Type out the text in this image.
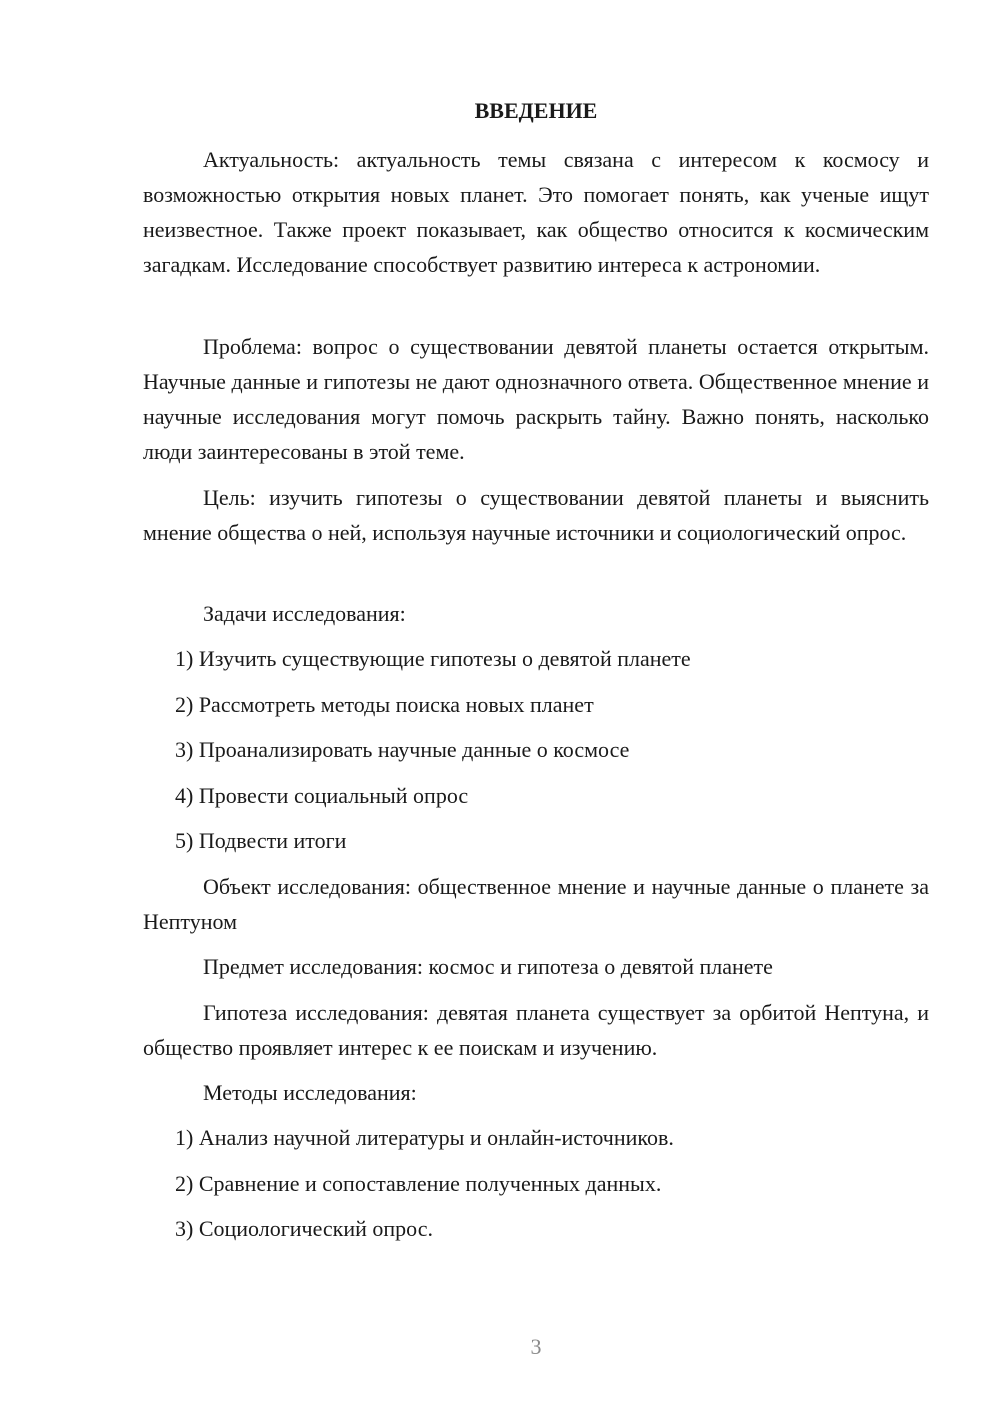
ВВЕДЕНИЕ

Актуальность: актуальность темы связана с интересом к космосу и возможностью открытия новых планет. Это помогает понять, как ученые ищут неизвестное. Также проект показывает, как общество относится к космическим загадкам. Исследование способствует развитию интереса к астрономии.

Проблема: вопрос о существовании девятой планеты остается открытым. Научные данные и гипотезы не дают однозначного ответа. Общественное мнение и научные исследования могут помочь раскрыть тайну. Важно понять, насколько люди заинтересованы в этой теме.

Цель: изучить гипотезы о существовании девятой планеты и выяснить мнение общества о ней, используя научные источники и социологический опрос.

Задачи исследования:
1) Изучить существующие гипотезы о девятой планете
2) Рассмотреть методы поиска новых планет
3) Проанализировать научные данные о космосе
4) Провести социальный опрос
5) Подвести итоги

Объект исследования: общественное мнение и научные данные о планете за Нептуном

Предмет исследования: космос и гипотеза о девятой планете

Гипотеза исследования: девятая планета существует за орбитой Нептуна, и общество проявляет интерес к ее поискам и изучению.

Методы исследования:
1) Анализ научной литературы и онлайн-источников.
2) Сравнение и сопоставление полученных данных.
3) Социологический опрос.
3
